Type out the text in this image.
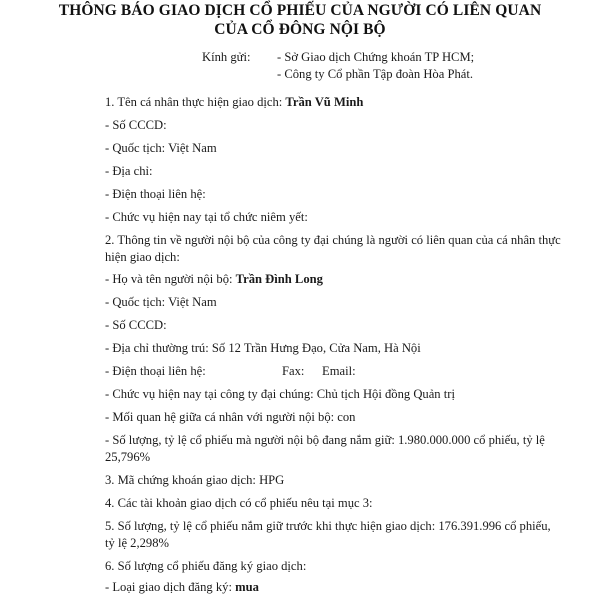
THÔNG BÁO GIAO DỊCH CỔ PHIẾU CỦA NGƯỜI CÓ LIÊN QUAN
CỦA CỔ ĐÔNG NỘI BỘ
Kính gửi: - Sở Giao dịch Chứng khoán TP HCM;
- Công ty Cổ phần Tập đoàn Hòa Phát.
1. Tên cá nhân thực hiện giao dịch: Trần Vũ Minh
- Số CCCD:
- Quốc tịch: Việt Nam
- Địa chỉ:
- Điện thoại liên hệ:
- Chức vụ hiện nay tại tổ chức niêm yết:
2. Thông tin về người nội bộ của công ty đại chúng là người có liên quan của cá nhân thực
hiện giao dịch:
- Họ và tên người nội bộ: Trần Đình Long
- Quốc tịch: Việt Nam
- Số CCCD:
- Địa chỉ thường trú: Số 12 Trần Hưng Đạo, Cửa Nam, Hà Nội
- Điện thoại liên hệ:	Fax: Email:
- Chức vụ hiện nay tại công ty đại chúng: Chủ tịch Hội đồng Quản trị
- Mối quan hệ giữa cá nhân với người nội bộ: con
- Số lượng, tỷ lệ cổ phiếu mà người nội bộ đang nắm giữ: 1.980.000.000 cổ phiếu, tỷ lệ
25,796%
3. Mã chứng khoán giao dịch: HPG
4. Các tài khoản giao dịch có cổ phiếu nêu tại mục 3:
5. Số lượng, tỷ lệ cổ phiếu nắm giữ trước khi thực hiện giao dịch: 176.391.996 cổ phiếu,
tỷ lệ 2,298%
6. Số lượng cổ phiếu đăng ký giao dịch:
- Loại giao dịch đăng ký: mua
